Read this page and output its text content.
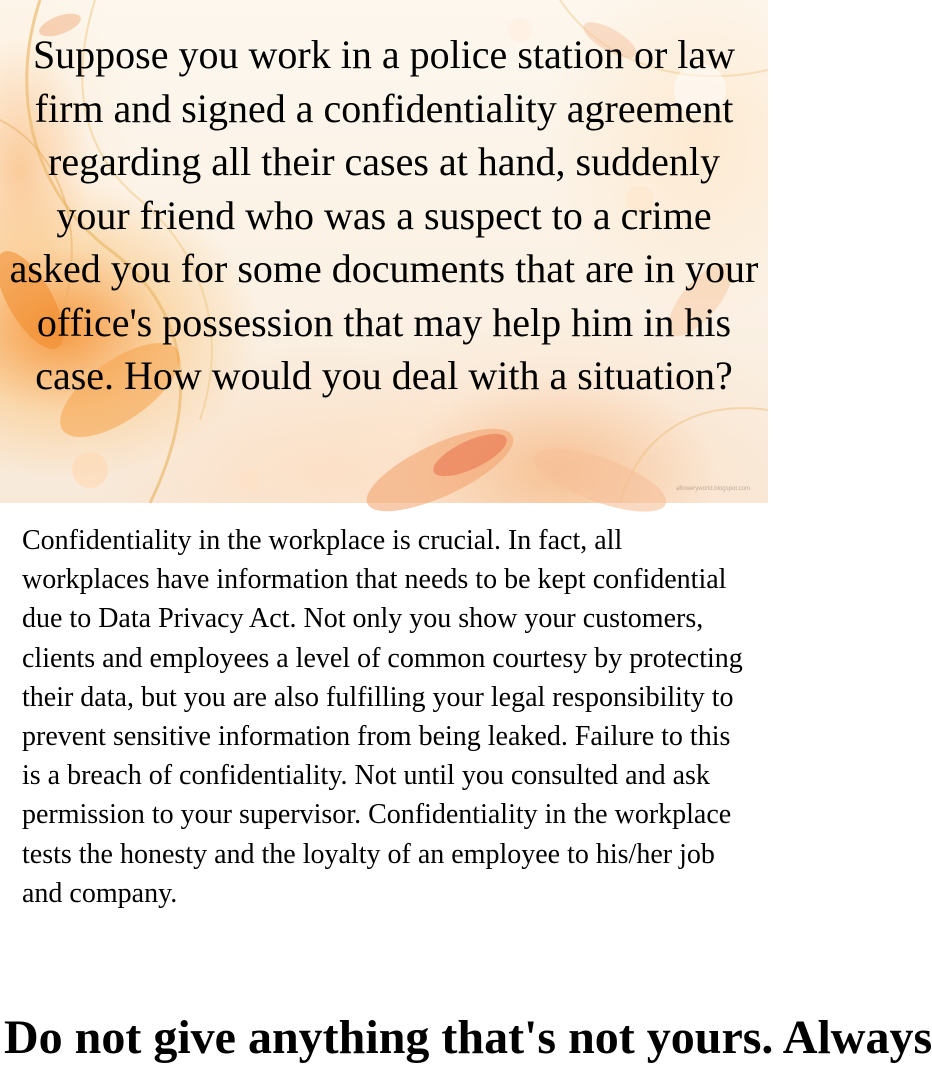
Suppose you work in a police station or law firm and signed a confidentiality agreement regarding all their cases at hand, suddenly your friend who was a suspect to a crime asked you for some documents that are in your office's possession that may help him in his case. How would you deal with a situation?

afloweryworld.blogspot.com

Confidentiality in the workplace is crucial. In fact, all workplaces have information that needs to be kept confidential due to Data Privacy Act. Not only you show your customers, clients and employees a level of common courtesy by protecting their data, but you are also fulfilling your legal responsibility to prevent sensitive information from being leaked. Failure to this is a breach of confidentiality. Not until you consulted and ask permission to your supervisor. Confidentiality in the workplace tests the honesty and the loyalty of an employee to his/her job and company.

Do not give anything that's not yours. Always
